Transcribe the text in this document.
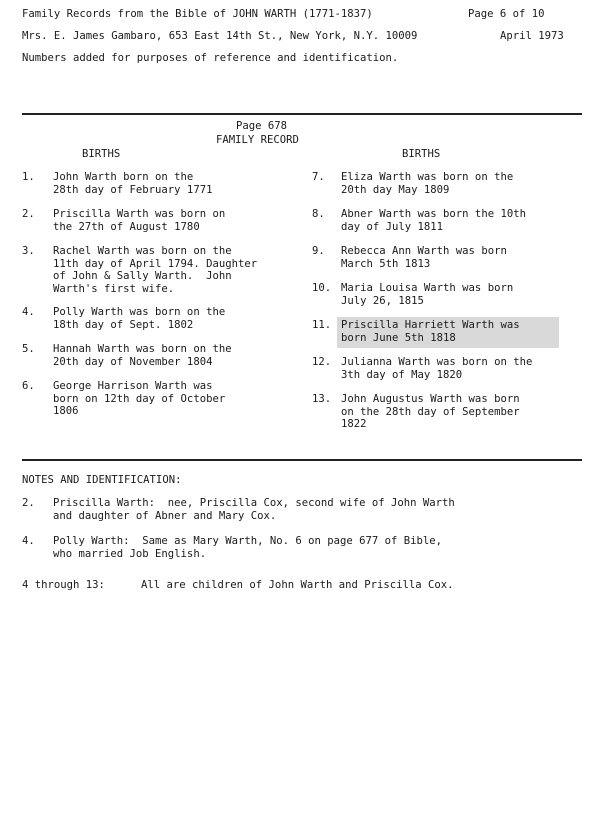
Family Records from the Bible of JOHN WARTH (1771-1837)	Page 6 of 10
Mrs. E. James Gambaro, 653 East 14th St., New York, N.Y. 10009	April 1973
Numbers added for purposes of reference and identification.
Page 678
FAMILY RECORD
BIRTHS	BIRTHS
1. John Warth born on the
28th day of February 1771
2. Priscilla Warth was born on
the 27th of August 1780
3. Rachel Warth was born on the
11th day of April 1794. Daughter
of John & Sally Warth.  John
Warth's first wife.
4. Polly Warth was born on the
18th day of Sept. 1802
5. Hannah Warth was born on the
20th day of November 1804
6. George Harrison Warth was
born on 12th day of October
1806
7. Eliza Warth was born on the
20th day May 1809
8. Abner Warth was born the 10th
day of July 1811
9. Rebecca Ann Warth was born
March 5th 1813
10. Maria Louisa Warth was born
July 26, 1815
11. Priscilla Harriett Warth was
born June 5th 1818
12. Julianna Warth was born on the
3th day of May 1820
13. John Augustus Warth was born
on the 28th day of September
1822
NOTES AND IDENTIFICATION:
2. Priscilla Warth:  nee, Priscilla Cox, second wife of John Warth
and daughter of Abner and Mary Cox.
4. Polly Warth:  Same as Mary Warth, No. 6 on page 677 of Bible,
who married Job English.
4 through 13:	All are children of John Warth and Priscilla Cox.
